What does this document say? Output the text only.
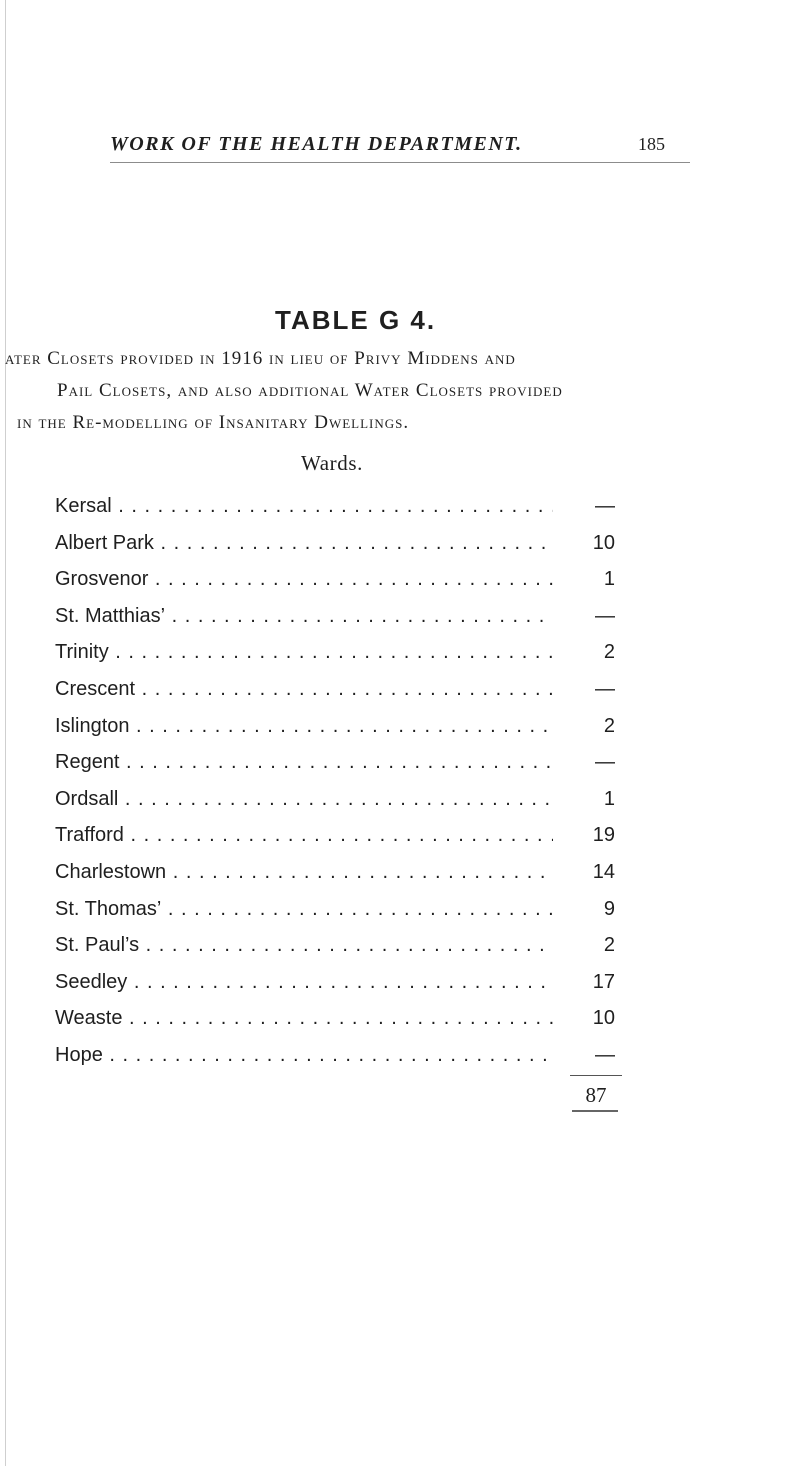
WORK OF THE HEALTH DEPARTMENT.	185
TABLE G 4.
ater Closets provided in 1916 in lieu of Privy Middens and
Pail Closets, and also additional Water Closets provided
in the Re-modelling of Insanitary Dwellings.
Wards.
Kersal . . .	—
Albert Park . . .	10
Grosvenor . . .	1
St. Matthias’ . . .	—
Trinity . . .	2
Crescent . . .	—
Islington . . .	2
Regent . . .	—
Ordsall . . .	1
Trafford . . .	19
Charlestown . . .	14
St. Thomas’ . . .	9
St. Paul’s . . .	2
Seedley . . .	17
Weaste . . .	10
Hope . . .	—
87
